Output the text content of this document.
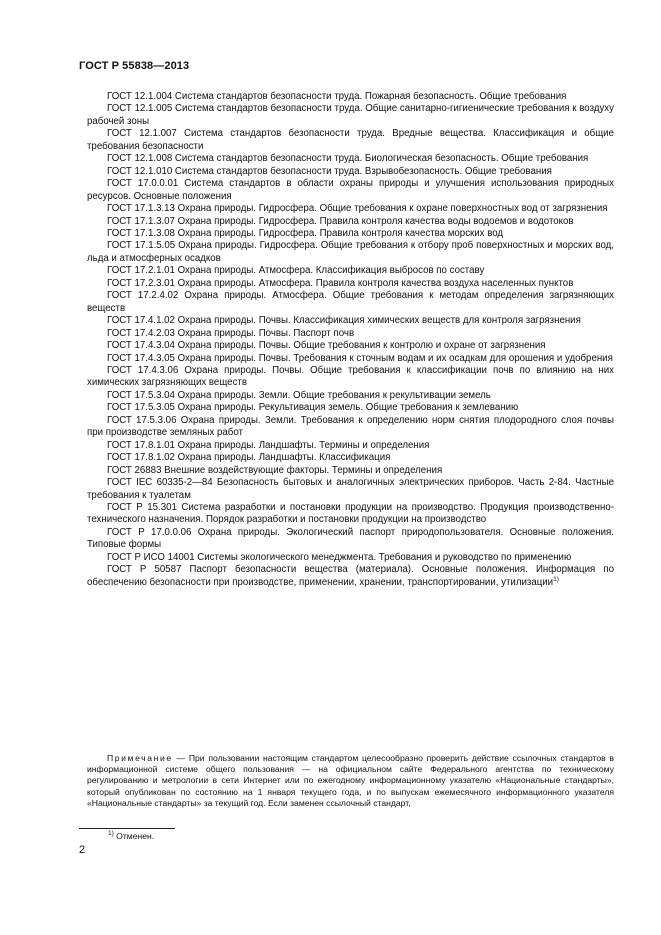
ГОСТ Р 55838—2013

ГОСТ 12.1.004 Система стандартов безопасности труда. Пожарная безопасность. Общие требования

ГОСТ 12.1.005 Система стандартов безопасности труда. Общие санитарно-гигиенические требования к воздуху рабочей зоны

ГОСТ 12.1.007 Система стандартов безопасности труда. Вредные вещества. Классификация и общие требования безопасности

ГОСТ 12.1.008 Система стандартов безопасности труда. Биологическая безопасность. Общие требования

ГОСТ 12.1.010 Система стандартов безопасности труда. Взрывобезопасность. Общие требования

ГОСТ 17.0.0.01 Система стандартов в области охраны природы и улучшения использования природных ресурсов. Основные положения

ГОСТ 17.1.3.13 Охрана природы. Гидросфера. Общие требования к охране поверхностных вод от загрязнения

ГОСТ 17.1.3.07 Охрана природы. Гидросфера. Правила контроля качества воды водоемов и водотоков

ГОСТ 17.1.3.08 Охрана природы. Гидросфера. Правила контроля качества морских вод

ГОСТ 17.1.5.05 Охрана природы. Гидросфера. Общие требования к отбору проб поверхностных и морских вод, льда и атмосферных осадков

ГОСТ 17.2.1.01 Охрана природы. Атмосфера. Классификация выбросов по составу

ГОСТ 17.2.3.01 Охрана природы. Атмосфера. Правила контроля качества воздуха населенных пунктов

ГОСТ 17.2.4.02 Охрана природы. Атмосфера. Общие требования к методам определения загрязняющих веществ

ГОСТ 17.4.1.02 Охрана природы. Почвы. Классификация химических веществ для контроля загрязнения

ГОСТ 17.4.2.03 Охрана природы. Почвы. Паспорт почв

ГОСТ 17.4.3.04 Охрана природы. Почвы. Общие требования к контролю и охране от загрязнения

ГОСТ 17.4.3.05 Охрана природы. Почвы. Требования к сточным водам и их осадкам для орошения и удобрения

ГОСТ 17.4.3.06 Охрана природы. Почвы. Общие требования к классификации почв по влиянию на них химических загрязняющих веществ

ГОСТ 17.5.3.04 Охрана природы. Земли. Общие требования к рекультивации земель

ГОСТ 17.5.3.05 Охрана природы. Рекультивация земель. Общие требования к землеванию

ГОСТ 17.5.3.06 Охрана природы. Земли. Требования к определению норм снятия плодородного слоя почвы при производстве земляных работ

ГОСТ 17.8.1.01 Охрана природы. Ландшафты. Термины и определения

ГОСТ 17.8.1.02 Охрана природы. Ландшафты. Классификация

ГОСТ 26883 Внешние воздействующие факторы. Термины и определения

ГОСТ IEC 60335-2—84 Безопасность бытовых и аналогичных электрических приборов. Часть 2-84. Частные требования к туалетам

ГОСТ Р 15.301 Система разработки и постановки продукции на производство. Продукция производственно-технического назначения. Порядок разработки и постановки продукции на производство

ГОСТ Р 17.0.0.06 Охрана природы. Экологический паспорт природопользователя. Основные положения. Типовые формы

ГОСТ Р ИСО 14001 Системы экологического менеджмента. Требования и руководство по применению

ГОСТ Р 50587 Паспорт безопасности вещества (материала). Основные положения. Информация по обеспечению безопасности при производстве, применении, хранении, транспортировании, утилизации$^{1)}$

Примечание — При пользовании настоящим стандартом целесообразно проверить действие ссылочных стандартов в информационной системе общего пользования — на официальном сайте Федерального агентства по техническому регулированию и метрологии в сети Интернет или по ежегодному информационному указателю «Национальные стандарты», который опубликован по состоянию на 1 января текущего года, и по выпускам ежемесячного информационного указателя «Национальные стандарты» за текущий год. Если заменен ссылочный стандарт,
$^{1)}$ Отменен.
2
